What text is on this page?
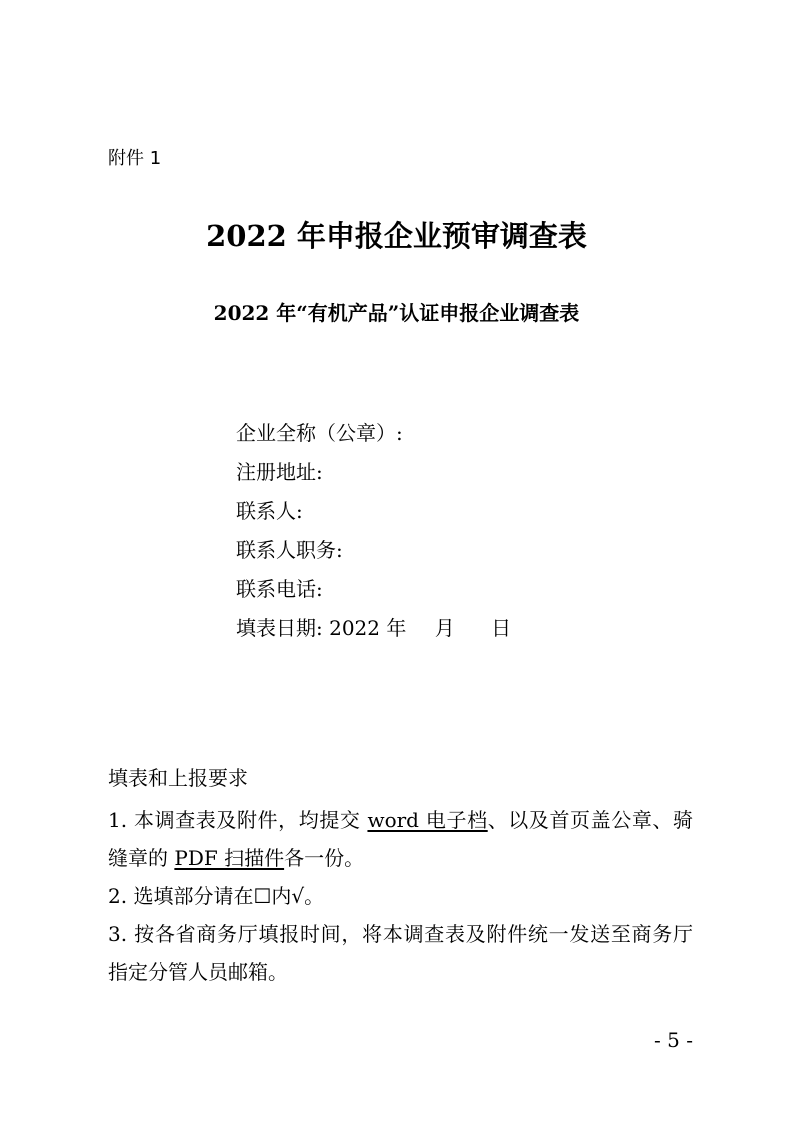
附件 1
2022 年申报企业预审调查表
2022 年“有机产品”认证申报企业调查表
企业全称（公章）:
注册地址:
联系人:
联系人职务:
联系电话:
填表日期: 2022 年 月 日
填表和上报要求
1. 本调查表及附件，均提交 word 电子档、以及首页盖公章、骑缝章的 PDF 扫描件各一份。
2. 选填部分请在☐内√。
3. 按各省商务厅填报时间，将本调查表及附件统一发送至商务厅指定分管人员邮箱。
- 5 -
